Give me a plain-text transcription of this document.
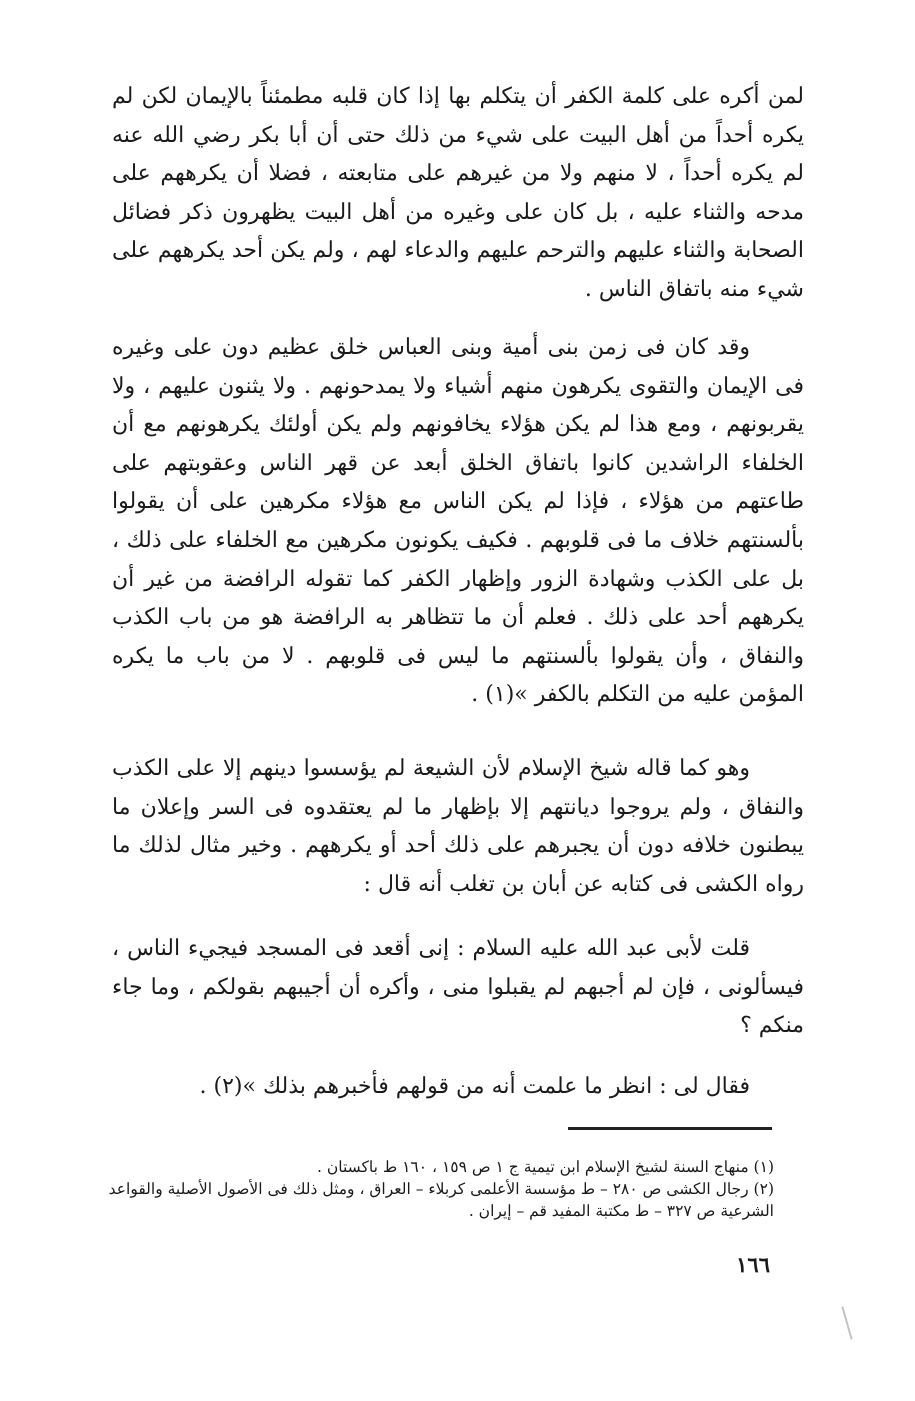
لمن أكره على كلمة الكفر أن يتكلم بها إذا كان قلبه مطمئناً بالإيمان لكن لم يكره أحداً من أهل البيت على شيء من ذلك حتى أن أبا بكر رضي الله عنه لم يكره أحداً ، لا منهم ولا من غيرهم على متابعته ، فضلا أن يكرههم على مدحه والثناء عليه ، بل كان على وغيره من أهل البيت يظهرون ذكر فضائل الصحابة والثناء عليهم والترحم عليهم والدعاء لهم ، ولم يكن أحد يكرههم على شيء منه باتفاق الناس .

وقد كان فى زمن بنى أمية وبنى العباس خلق عظيم دون على وغيره فى الإيمان والتقوى يكرهون منهم أشياء ولا يمدحونهم . ولا يثنون عليهم ، ولا يقربونهم ، ومع هذا لم يكن هؤلاء يخافونهم ولم يكن أولئك يكرهونهم مع أن الخلفاء الراشدين كانوا باتفاق الخلق أبعد عن قهر الناس وعقوبتهم على طاعتهم من هؤلاء ، فإذا لم يكن الناس مع هؤلاء مكرهين على أن يقولوا بألسنتهم خلاف ما فى قلوبهم . فكيف يكونون مكرهين مع الخلفاء على ذلك ، بل على الكذب وشهادة الزور وإظهار الكفر كما تقوله الرافضة من غير أن يكرههم أحد على ذلك . فعلم أن ما تتظاهر به الرافضة هو من باب الكذب والنفاق ، وأن يقولوا بألسنتهم ما ليس فى قلوبهم . لا من باب ما يكره المؤمن عليه من التكلم بالكفر »(١) .

وهو كما قاله شيخ الإسلام لأن الشيعة لم يؤسسوا دينهم إلا على الكذب والنفاق ، ولم يروجوا ديانتهم إلا بإظهار ما لم يعتقدوه فى السر وإعلان ما يبطنون خلافه دون أن يجبرهم على ذلك أحد أو يكرههم . وخير مثال لذلك ما رواه الكشى فى كتابه عن أبان بن تغلب أنه قال :

قلت لأبى عبد الله عليه السلام : إنى أقعد فى المسجد فيجيء الناس ، فيسألونى ، فإن لم أجبهم لم يقبلوا منى ، وأكره أن أجيبهم بقولكم ، وما جاء منكم ؟

فقال لى : انظر ما علمت أنه من قولهم فأخبرهم بذلك »(٢) .

(١) منهاج السنة لشيخ الإسلام ابن تيمية ج ١ ص ١٥٩ ، ١٦٠ ط باكستان .

(٢) رجال الكشى ص ٢٨٠ – ط مؤسسة الأعلمى كربلاء – العراق ، ومثل ذلك فى الأصول الأصلية والقواعد الشرعية ص ٣٢٧ – ط مكتبة المفيد قم – إيران .

١٦٦
